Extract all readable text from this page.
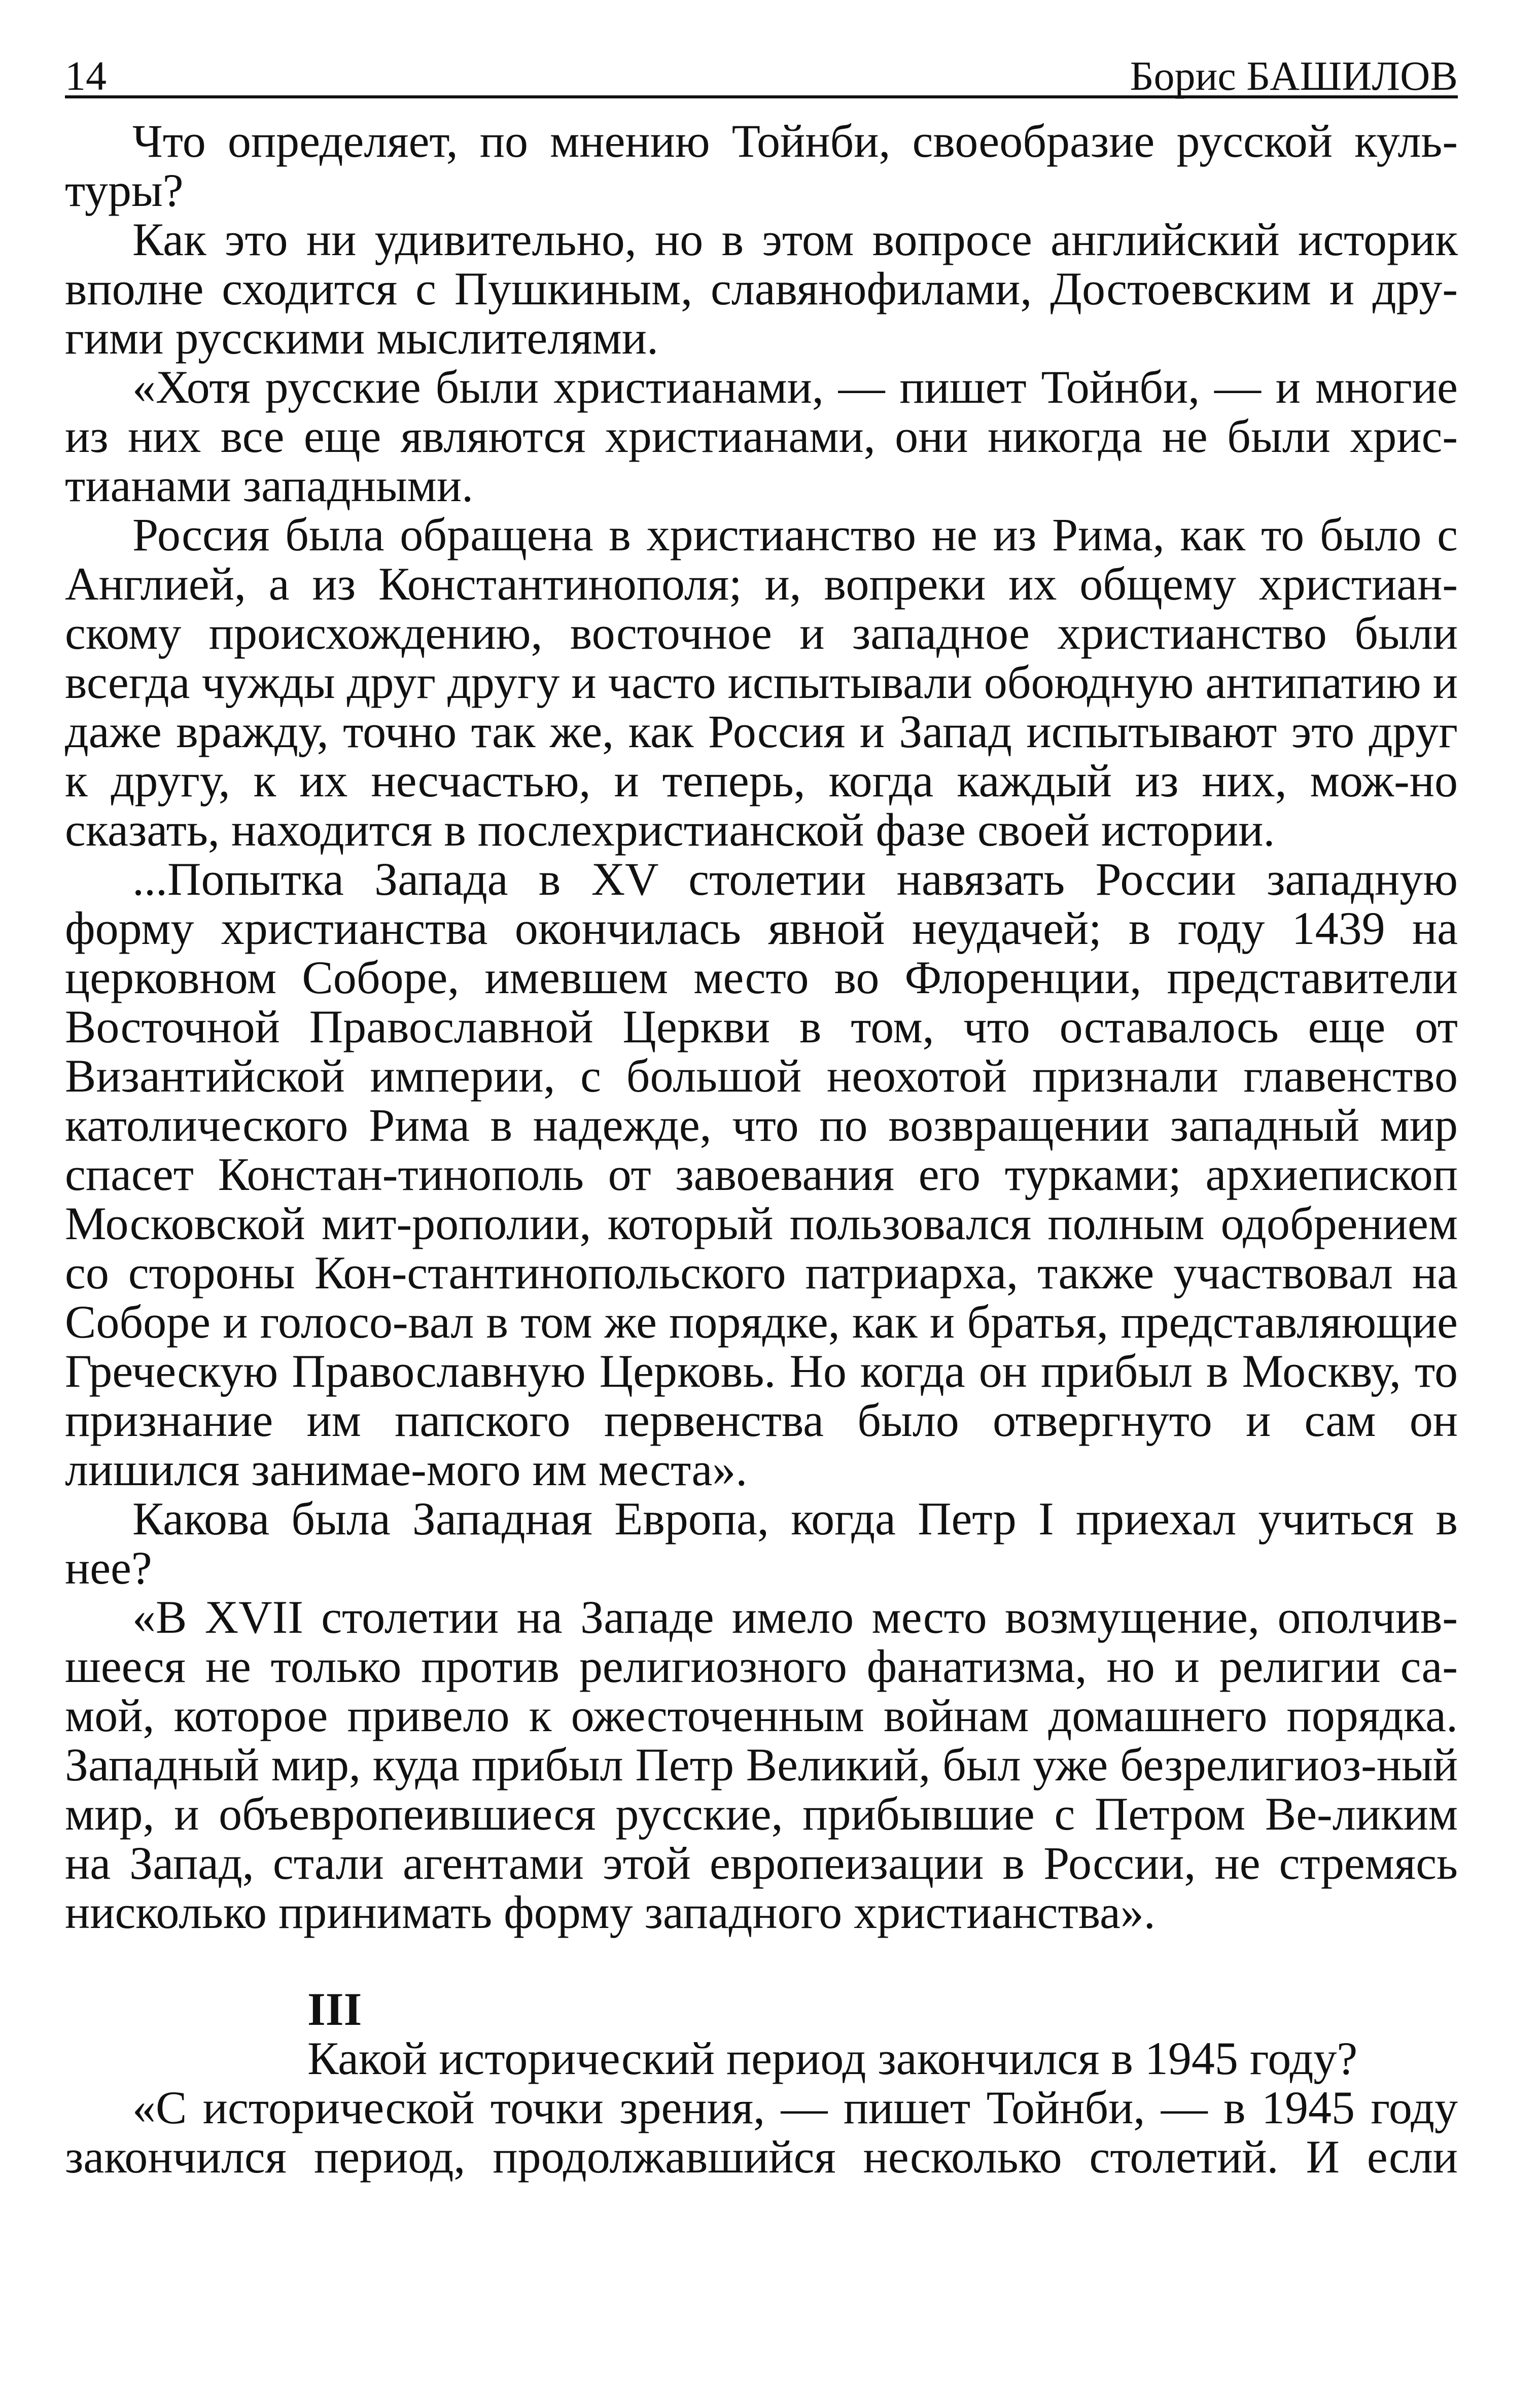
14	Борис БАШИЛОВ

Что определяет, по мнению Тойнби, своеобразие русской куль-туры?

Как это ни удивительно, но в этом вопросе английский историк вполне сходится с Пушкиным, славянофилами, Достоевским и дру-гими русскими мыслителями.

«Хотя русские были христианами, — пишет Тойнби, — и многие из них все еще являются христианами, они никогда не были хрис-тианами западными.

Россия была обращена в христианство не из Рима, как то было с Англией, а из Константинополя; и, вопреки их общему христиан-скому происхождению, восточное и западное христианство были всегда чужды друг другу и часто испытывали обоюдную антипатию и даже вражду, точно так же, как Россия и Запад испытывают это друг к другу, к их несчастью, и теперь, когда каждый из них, мож-но сказать, находится в послехристианской фазе своей истории.

...Попытка Запада в XV столетии навязать России западную форму христианства окончилась явной неудачей; в году 1439 на церковном Соборе, имевшем место во Флоренции, представители Восточной Православной Церкви в том, что оставалось еще от Византийской империи, с большой неохотой признали главенство католического Рима в надежде, что по возвращении западный мир спасет Констан-тинополь от завоевания его турками; архиепископ Московской мит-рополии, который пользовался полным одобрением со стороны Кон-стантинопольского патриарха, также участвовал на Соборе и голосо-вал в том же порядке, как и братья, представляющие Греческую Православную Церковь. Но когда он прибыл в Москву, то признание им папского первенства было отвергнуто и сам он лишился занимае-мого им места».

Какова была Западная Европа, когда Петр I приехал учиться в нее?

«В XVII столетии на Западе имело место возмущение, ополчив-шееся не только против религиозного фанатизма, но и религии са-мой, которое привело к ожесточенным войнам домашнего порядка. Западный мир, куда прибыл Петр Великий, был уже безрелигиоз-ный мир, и объевропеившиеся русские, прибывшие с Петром Ве-ликим на Запад, стали агентами этой европеизации в России, не стремясь нисколько принимать форму западного христианства».

III

Какой исторический период закончился в 1945 году?

«С исторической точки зрения, — пишет Тойнби, — в 1945 году закончился период, продолжавшийся несколько столетий. И если
